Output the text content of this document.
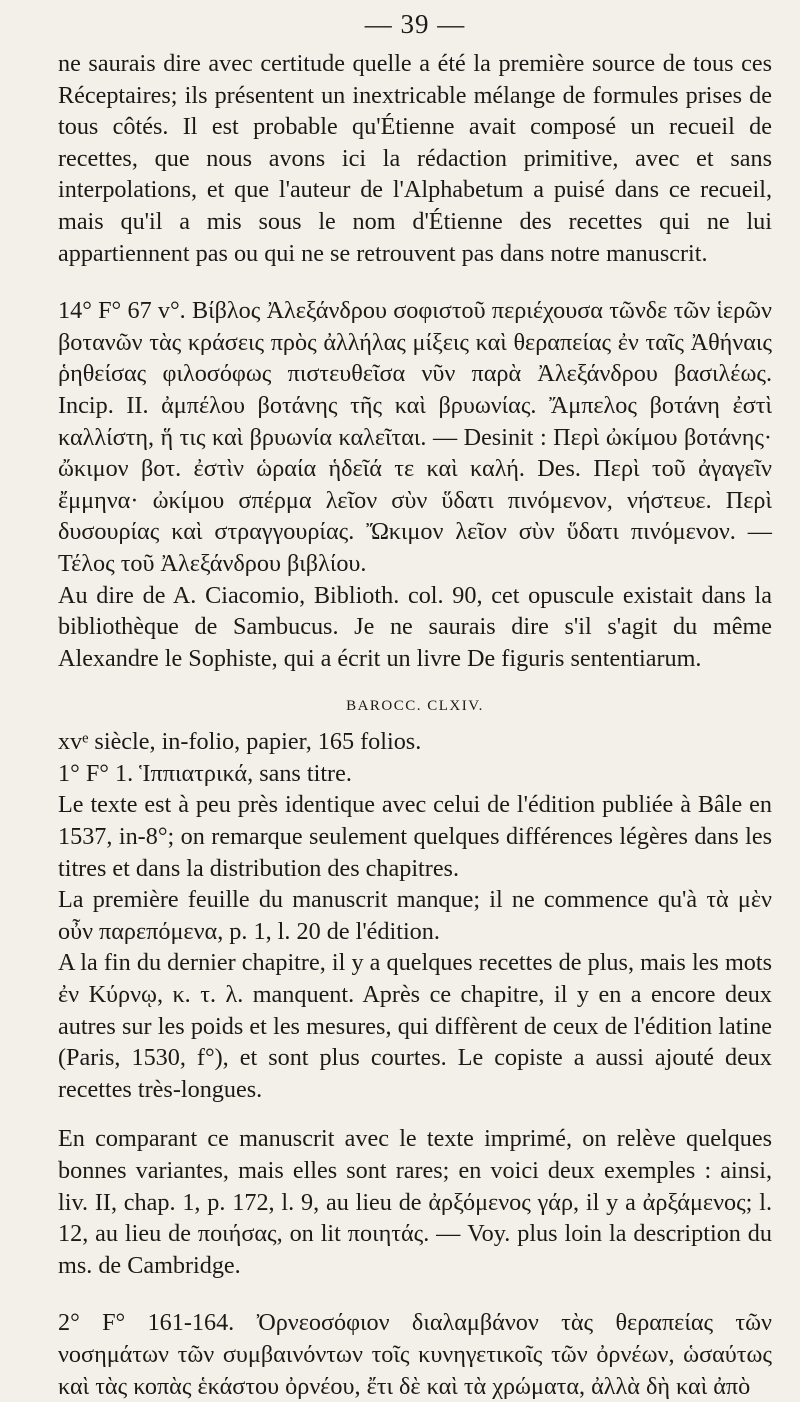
— 39 —

ne saurais dire avec certitude quelle a été la première source de tous ces Réceptaires; ils présentent un inextricable mélange de formules prises de tous côtés. Il est probable qu'Étienne avait composé un recueil de recettes, que nous avons ici la rédaction primitive, avec et sans interpolations, et que l'auteur de l'Alphabetum a puisé dans ce recueil, mais qu'il a mis sous le nom d'Étienne des recettes qui ne lui appartiennent pas ou qui ne se retrouvent pas dans notre manuscrit.

14° F° 67 v°. Βίβλος Ἀλεξάνδρου σοφιστοῦ περιέχουσα τῶνδε τῶν ἱερῶν βοτανῶν τὰς κράσεις πρὸς ἀλλήλας μίξεις καὶ θεραπείας ἐν ταῖς Ἀθήναις ῥηθείσας φιλοσόφως πιστευθεῖσα νῦν παρὰ Ἀλεξάνδρου βασιλέως. Incip. II. ἀμπέλου βοτάνης τῆς καὶ βρυωνίας. Ἄμπελος βοτάνη ἐστὶ καλλίστη, ἥ τις καὶ βρυωνία καλεῖται. — Desinit : Περὶ ὠκίμου βοτάνης· ὤκιμον βοτ. ἐστὶν ὡραία ἡδεῖά τε καὶ καλή. Des. Περὶ τοῦ ἀγαγεῖν ἔμμηνα· ὠκίμου σπέρμα λεῖον σὺν ὕδατι πινόμενον, νήστευε. Περὶ δυσουρίας καὶ στραγγουρίας. Ὤκιμον λεῖον σὺν ὕδατι πινόμενον. — Τέλος τοῦ Ἀλεξάνδρου βιβλίου.

Au dire de A. Ciacomio, Biblioth. col. 90, cet opuscule existait dans la bibliothèque de Sambucus. Je ne saurais dire s'il s'agit du même Alexandre le Sophiste, qui a écrit un livre De figuris sententiarum.

BAROCC. CLXIV.

xvᵉ siècle, in-folio, papier, 165 folios.

1° F° 1. Ἱππιατρικά, sans titre.

Le texte est à peu près identique avec celui de l'édition publiée à Bâle en 1537, in-8°; on remarque seulement quelques différences légères dans les titres et dans la distribution des chapitres.

La première feuille du manuscrit manque; il ne commence qu'à τὰ μὲν οὖν παρεπόμενα, p. 1, l. 20 de l'édition.

A la fin du dernier chapitre, il y a quelques recettes de plus, mais les mots ἐν Κύρνῳ, κ. τ. λ. manquent. Après ce chapitre, il y en a encore deux autres sur les poids et les mesures, qui diffèrent de ceux de l'édition latine (Paris, 1530, f°), et sont plus courtes. Le copiste a aussi ajouté deux recettes très-longues.

En comparant ce manuscrit avec le texte imprimé, on relève quelques bonnes variantes, mais elles sont rares; en voici deux exemples : ainsi, liv. II, chap. 1, p. 172, l. 9, au lieu de ἀρξόμενος γάρ, il y a ἀρξάμενος; l. 12, au lieu de ποιήσας, on lit ποιητάς. — Voy. plus loin la description du ms. de Cambridge.

2° F° 161-164. Ὀρνεοσόφιον διαλαμβάνον τὰς θεραπείας τῶν νοσημάτων τῶν συμβαινόντων τοῖς κυνηγετικοῖς τῶν ὀρνέων, ὡσαύτως καὶ τὰς κοπὰς ἑκάστου ὀρνέου, ἔτι δὲ καὶ τὰ χρώματα, ἀλλὰ δὴ καὶ ἀπὸ
